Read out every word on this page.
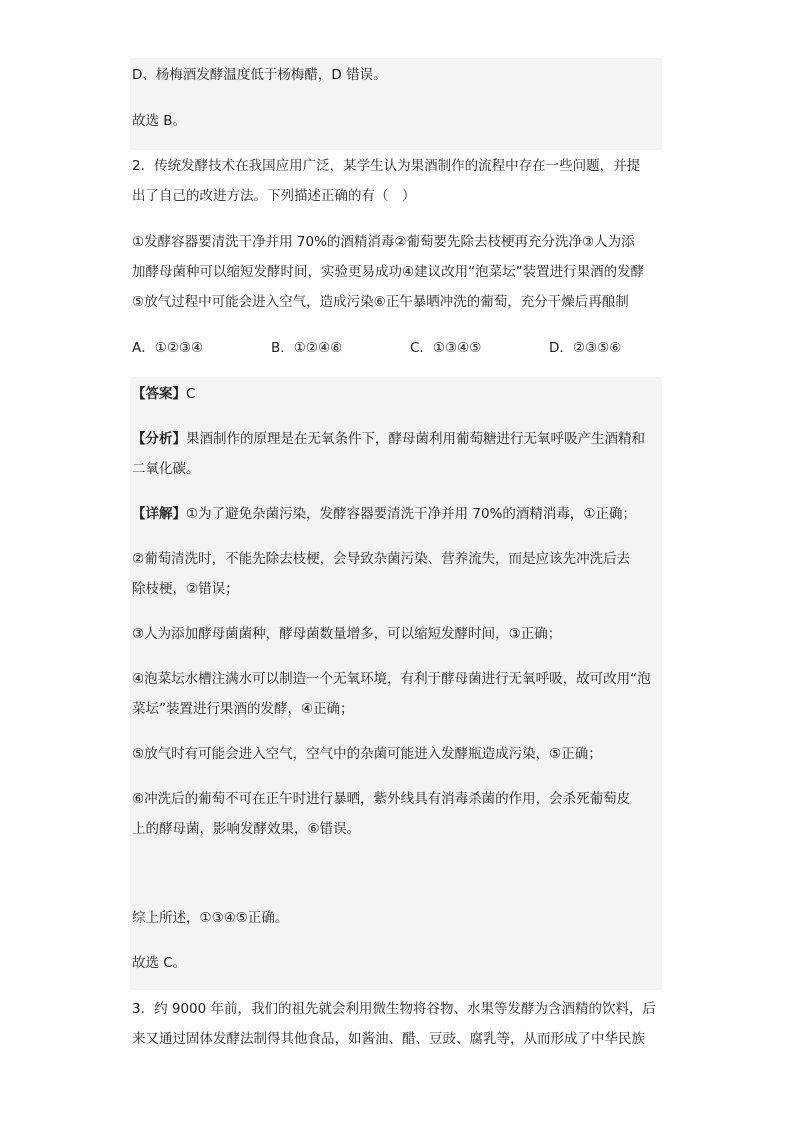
D、杨梅酒发酵温度低于杨梅醋，D 错误。
故选 B。
2．传统发酵技术在我国应用广泛，某学生认为果酒制作的流程中存在一些问题，并提
出了自己的改进方法。下列描述正确的有（　）
①发酵容器要清洗干净并用 70%的酒精消毒②葡萄要先除去枝梗再充分洗净③人为添
加酵母菌种可以缩短发酵时间，实验更易成功④建议改用“泡菜坛”装置进行果酒的发酵
⑤放气过程中可能会进入空气，造成污染⑥正午暴晒冲洗的葡萄，充分干燥后再酿制
A．①②③④	B．①②④⑥	C．①③④⑤	D．②③⑤⑥
【答案】C
【分析】果酒制作的原理是在无氧条件下，酵母菌利用葡萄糖进行无氧呼吸产生酒精和
二氧化碳。
【详解】①为了避免杂菌污染，发酵容器要清洗干净并用 70%的酒精消毒，①正确；
②葡萄清洗时，不能先除去枝梗，会导致杂菌污染、营养流失，而是应该先冲洗后去
除枝梗，②错误；
③人为添加酵母菌菌种，酵母菌数量增多，可以缩短发酵时间，③正确；
④泡菜坛水槽注满水可以制造一个无氧环境，有利于酵母菌进行无氧呼吸，故可改用“泡
菜坛”装置进行果酒的发酵，④正确；
⑤放气时有可能会进入空气，空气中的杂菌可能进入发酵瓶造成污染，⑤正确；
⑥冲洗后的葡萄不可在正午时进行暴晒，紫外线具有消毒杀菌的作用，会杀死葡萄皮
上的酵母菌，影响发酵效果，⑥错误。
综上所述，①③④⑤正确。
故选 C。
3．约 9000 年前，我们的祖先就会利用微生物将谷物、水果等发酵为含酒精的饮料，后
来又通过固体发酵法制得其他食品，如酱油、醋、豆豉、腐乳等，从而形成了中华民族
